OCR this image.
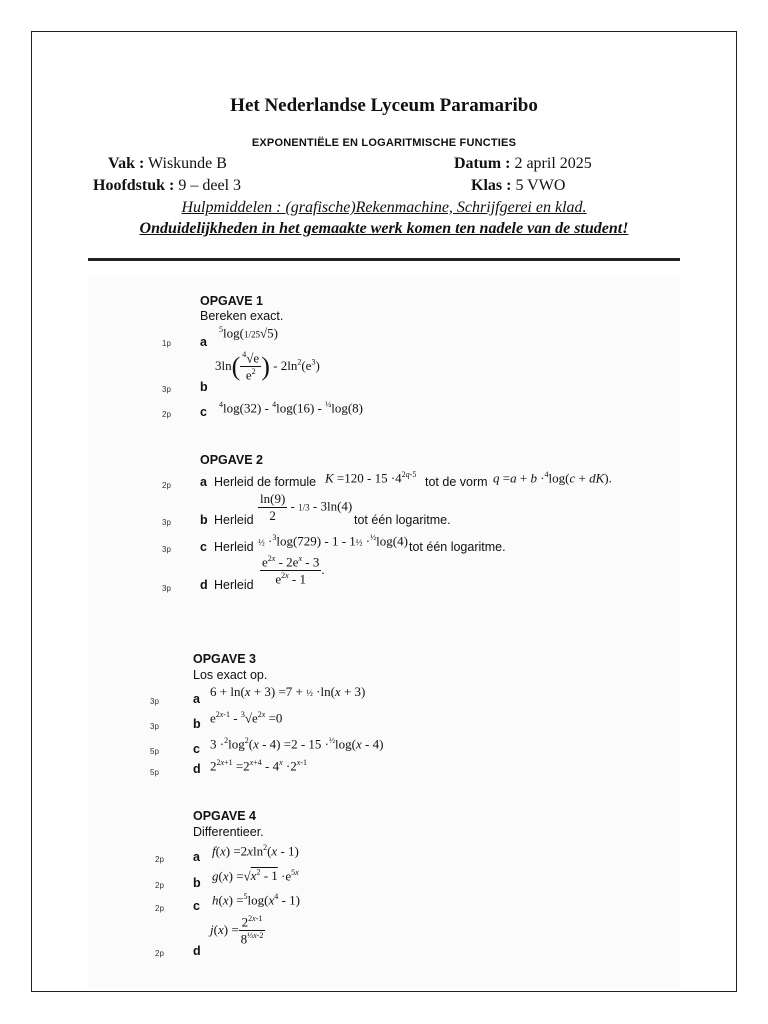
Het Nederlandse Lyceum Paramaribo
EXPONENTIËLE EN LOGARITMISCHE FUNCTIES
Vak : Wiskunde B	Datum : 2 april 2025
Hoofdstuk : 9 – deel 3	Klas : 5 VWO
Hulpmiddelen : (grafische)Rekenmachine, Schrijfgerei en klad.
Onduidelijkheden in het gemaakte werk komen ten nadele van de student!
OPGAVE 1
Bereken exact.
1p a
$^5$log(1/25√5)
3p b
$3\ln( \frac{^4√e}{e^2}$ ) - $2\ln^2(e^3)$
2p c
$^4$log(32) - $^4$log(16) - $^{\frac{1}{4}}$log(8)
OPGAVE 2
2p a Herleid de formule $K =120 - 15 \cdot 4^{2q-5}$
tot de vorm q =a + b ·$^4$log(c + dK).
3p b Herleid $\frac{\ln(9)}{2} - 1/3 - 3\ln(4)$
tot één logaritme.
3p c Herleid ½ ·$^3$log(729) - 1 - 1½ ·$^{\frac{1}{2}}$log(4) tot één logaritme.
3p d Herleid $\frac{e^{2x} - 2e^x - 3}{e^{2x} - 1}$ .
OPGAVE 3
Los exact op.
3p	a 6 + ln(x + 3) =7 + ½ ·ln(x + 3)
3p	b $e^{2x-1} - ^3√e^{2x} =0$
5p	c $3 \cdot^2\log^2(x - 4) =2 - 15 \cdot^{\frac{1}{2}}\log(x - 4)$
5p	d $2^{2x+1} =2^{x+4} - 4^x \cdot 2^{x-1}$
OPGAVE 4
Differentieer.
2p a f(x) =2xln$^2$(x - 1)
2p b $g(x) =√x^2 - 1 \cdot e^{5x}$
2p c $h(x) =^5\log(x^4 - 1)$
2p d
$j(x) = \frac{2^{2x-1}}{8^{\frac{1}{3}x-2}}$
